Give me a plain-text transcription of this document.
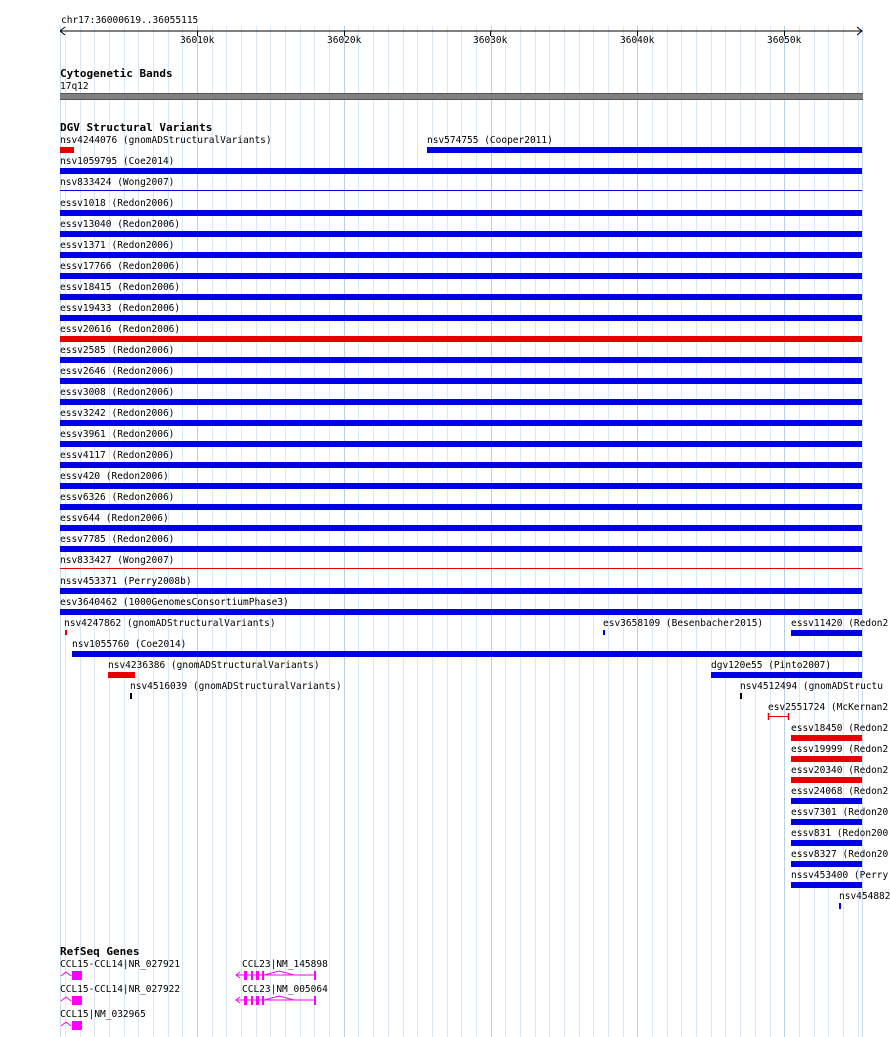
chr17:36000619..36055115
36010k	36020k	36030k	36040k	36050k
Cytogenetic Bands
17q12
DGV Structural Variants
nsv4244076 (gnomADStructuralVariants)	nsv574755 (Cooper2011)
nsv1059795 (Coe2014)
nsv833424 (Wong2007)
essv1018 (Redon2006)
essv13040 (Redon2006)
essv1371 (Redon2006)
essv17766 (Redon2006)
essv18415 (Redon2006)
essv19433 (Redon2006)
essv20616 (Redon2006)
essv2585 (Redon2006)
essv2646 (Redon2006)
essv3008 (Redon2006)
essv3242 (Redon2006)
essv3961 (Redon2006)
essv4117 (Redon2006)
essv420 (Redon2006)
essv6326 (Redon2006)
essv644 (Redon2006)
essv7785 (Redon2006)
nsv833427 (Wong2007)
nssv453371 (Perry2008b)
esv3640462 (1000GenomesConsortiumPhase3)
nsv4247862 (gnomADStructuralVariants)	esv3658109 (Besenbacher2015)	essv11420 (Redon2
nsv1055760 (Coe2014)
nsv4236386 (gnomADStructuralVariants)	dgv120e55 (Pinto2007)
nsv4516039 (gnomADStructuralVariants)	nsv4512494 (gnomADStructu
esv2551724 (McKernan2
essv18450 (Redon2
essv19999 (Redon2
essv20340 (Redon2
essv24068 (Redon2
essv7301 (Redon20
essv831 (Redon200
essv8327 (Redon20
nssv453400 (Perry
nsv454882
RefSeq Genes
CCL15-CCL14|NR_027921	CCL23|NM_145898
CCL15-CCL14|NR_027922	CCL23|NM_005064
CCL15|NM_032965
